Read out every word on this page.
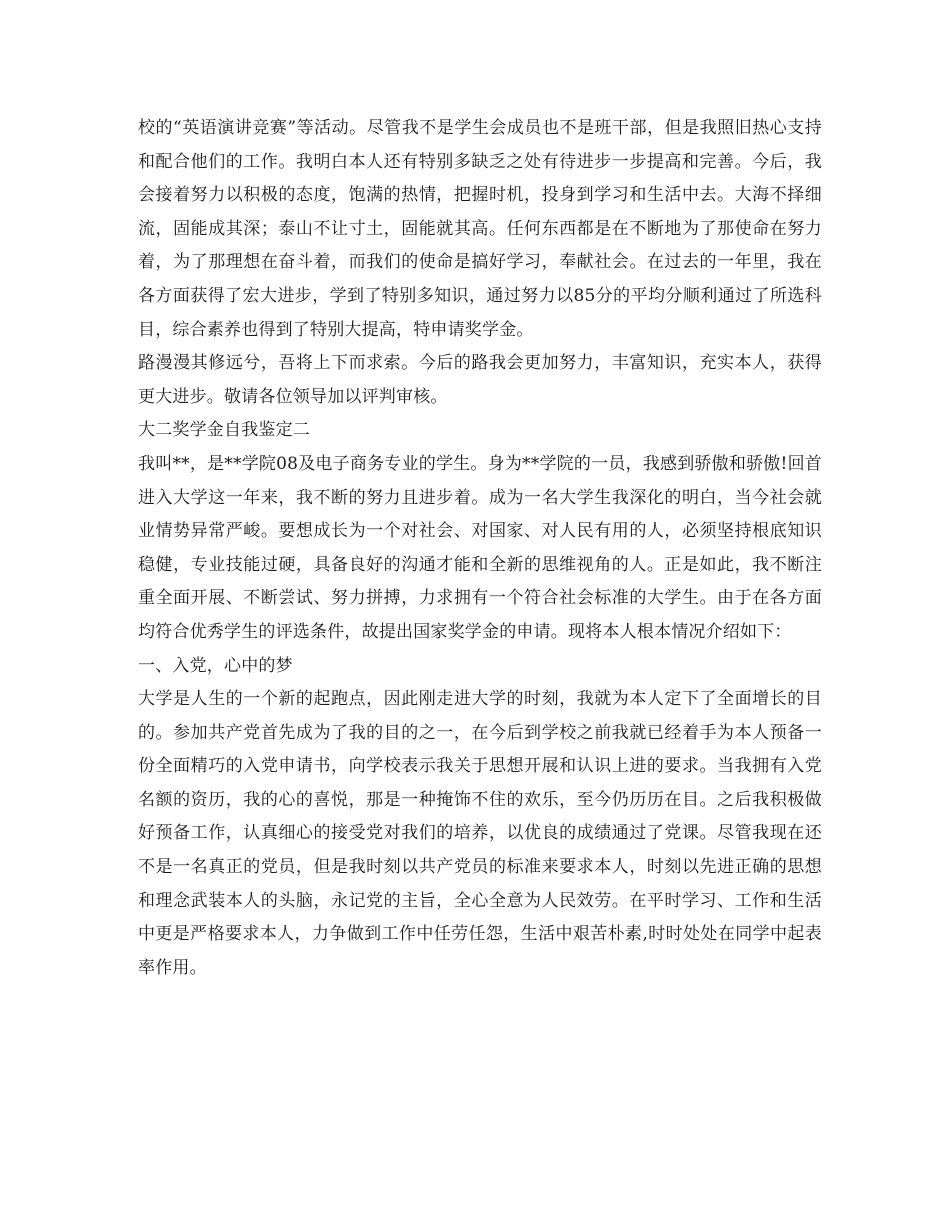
校的“英语演讲竞赛”等活动。尽管我不是学生会成员也不是班干部，但是我照旧热心支持和配合他们的工作。我明白本人还有特别多缺乏之处有待进步一步提高和完善。今后，我会接着努力以积极的态度，饱满的热情，把握时机，投身到学习和生活中去。大海不择细流，固能成其深；泰山不让寸土，固能就其高。任何东西都是在不断地为了那使命在努力着，为了那理想在奋斗着，而我们的使命是搞好学习，奉献社会。在过去的一年里，我在各方面获得了宏大进步，学到了特别多知识，通过努力以85分的平均分顺利通过了所选科目，综合素养也得到了特别大提高，特申请奖学金。

路漫漫其修远兮，吾将上下而求索。今后的路我会更加努力，丰富知识，充实本人，获得更大进步。敬请各位领导加以评判审核。

大二奖学金自我鉴定二

我叫**，是**学院08及电子商务专业的学生。身为**学院的一员，我感到骄傲和骄傲!回首进入大学这一年来，我不断的努力且进步着。成为一名大学生我深化的明白，当今社会就业情势异常严峻。要想成长为一个对社会、对国家、对人民有用的人，必须坚持根底知识稳健，专业技能过硬，具备良好的沟通才能和全新的思维视角的人。正是如此，我不断注重全面开展、不断尝试、努力拼搏，力求拥有一个符合社会标准的大学生。由于在各方面均符合优秀学生的评选条件，故提出国家奖学金的申请。现将本人根本情况介绍如下：

一、入党，心中的梦

大学是人生的一个新的起跑点，因此刚走进大学的时刻，我就为本人定下了全面增长的目的。参加共产党首先成为了我的目的之一，在今后到学校之前我就已经着手为本人预备一份全面精巧的入党申请书，向学校表示我关于思想开展和认识上进的要求。当我拥有入党名额的资历，我的心的喜悦，那是一种掩饰不住的欢乐，至今仍历历在目。之后我积极做好预备工作，认真细心的接受党对我们的培养，以优良的成绩通过了党课。尽管我现在还不是一名真正的党员，但是我时刻以共产党员的标准来要求本人，时刻以先进正确的思想和理念武装本人的头脑，永记党的主旨，全心全意为人民效劳。在平时学习、工作和生活中更是严格要求本人，力争做到工作中任劳任怨，生活中艰苦朴素,时时处处在同学中起表率作用。
